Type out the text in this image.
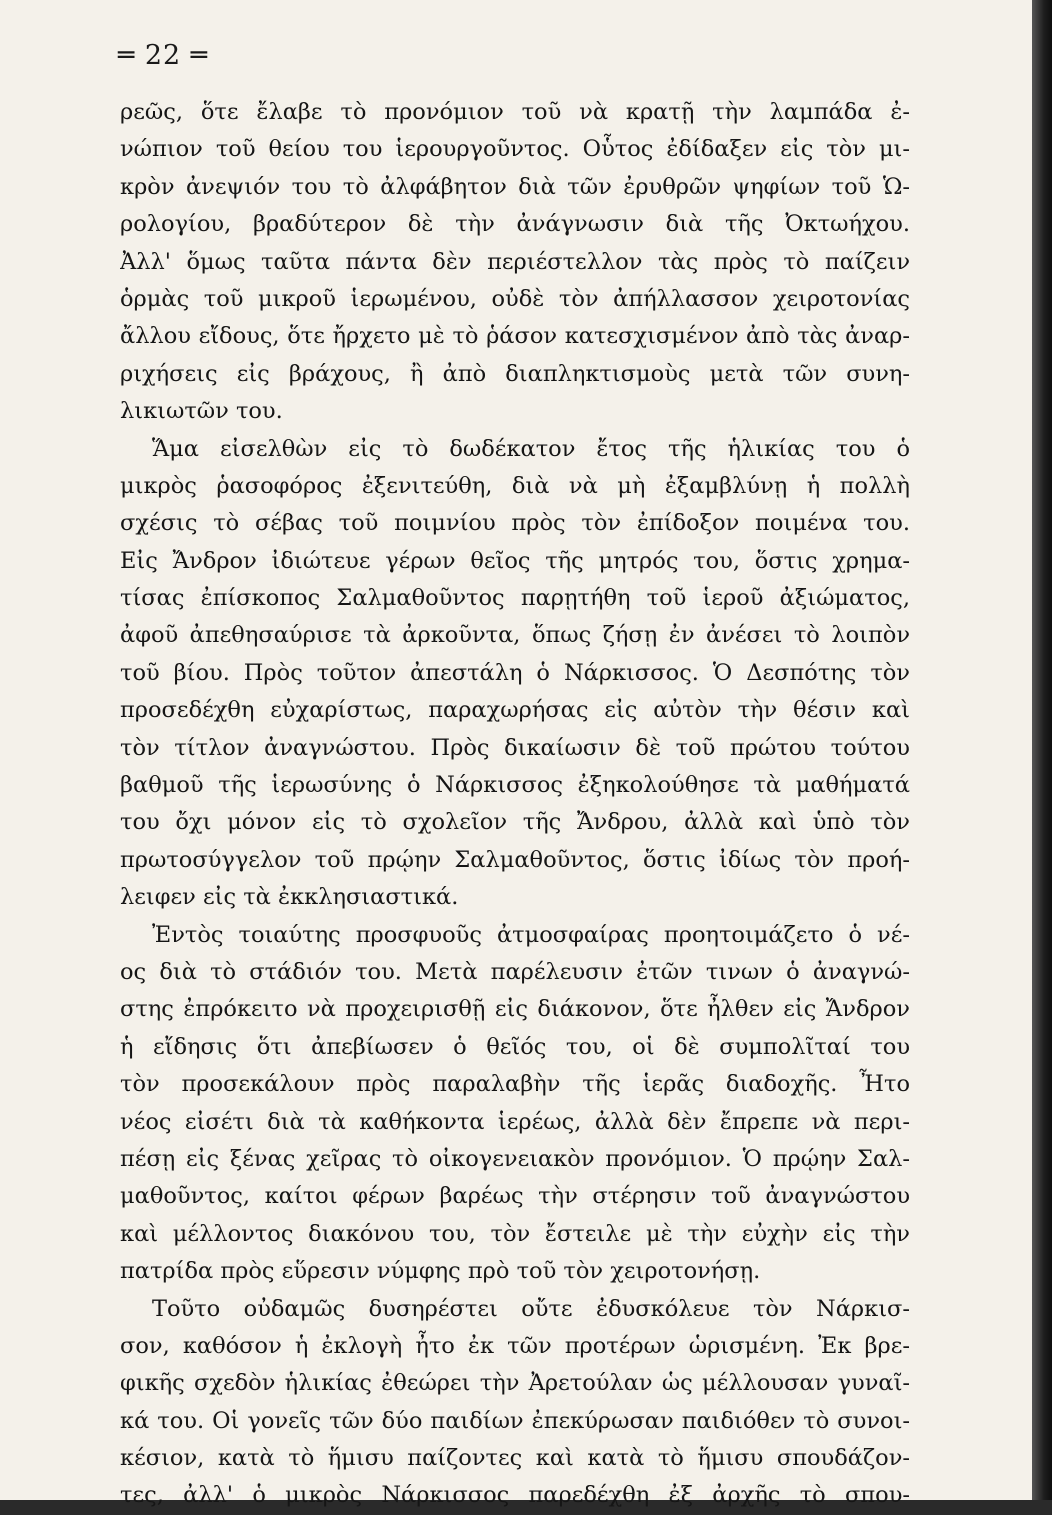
═ 22 ═

ρεῶς, ὅτε ἔλαβε τὸ προνόμιον τοῦ νὰ κρατῇ τὴν λαμπάδα ἐ-

νώπιον τοῦ θείου του ἱερουργοῦντος. Οὗτος ἐδίδαξεν εἰς τὸν μι-

κρὸν ἀνεψιόν του τὸ ἀλφάβητον διὰ τῶν ἐρυθρῶν ψηφίων τοῦ Ὡ-

ρολογίου, βραδύτερον δὲ τὴν ἀνάγνωσιν διὰ τῆς Ὀκτωήχου.

Ἀλλ' ὅμως ταῦτα πάντα δὲν περιέστελλον τὰς πρὸς τὸ παίζειν

ὁρμὰς τοῦ μικροῦ ἱερωμένου, οὐδὲ τὸν ἀπήλλασσον χειροτονίας

ἄλλου εἴδους, ὅτε ἤρχετο μὲ τὸ ῥάσον κατεσχισμένον ἀπὸ τὰς ἀναρ-

ριχήσεις εἰς βράχους, ἢ ἀπὸ διαπληκτισμοὺς μετὰ τῶν συνη-

λικιωτῶν του.

Ἅμα εἰσελθὼν εἰς τὸ δωδέκατον ἔτος τῆς ἡλικίας του ὁ

μικρὸς ῥασοφόρος ἐξενιτεύθη, διὰ νὰ μὴ ἐξαμβλύνῃ ἡ πολλὴ

σχέσις τὸ σέβας τοῦ ποιμνίου πρὸς τὸν ἐπίδοξον ποιμένα του.

Εἰς Ἄνδρον ἰδιώτευε γέρων θεῖος τῆς μητρός του, ὅστις χρημα-

τίσας ἐπίσκοπος Σαλμαθοῦντος παρῃτήθη τοῦ ἱεροῦ ἀξιώματος,

ἀφοῦ ἀπεθησαύρισε τὰ ἀρκοῦντα, ὅπως ζήσῃ ἐν ἀνέσει τὸ λοιπὸν

τοῦ βίου. Πρὸς τοῦτον ἀπεστάλη ὁ Νάρκισσος. Ὁ Δεσπότης τὸν

προσεδέχθη εὐχαρίστως, παραχωρήσας εἰς αὐτὸν τὴν θέσιν καὶ

τὸν τίτλον ἀναγνώστου. Πρὸς δικαίωσιν δὲ τοῦ πρώτου τούτου

βαθμοῦ τῆς ἱερωσύνης ὁ Νάρκισσος ἐξηκολούθησε τὰ μαθήματά

του ὄχι μόνον εἰς τὸ σχολεῖον τῆς Ἄνδρου, ἀλλὰ καὶ ὑπὸ τὸν

πρωτοσύγγελον τοῦ πρῴην Σαλμαθοῦντος, ὅστις ἰδίως τὸν προή-

λειφεν εἰς τὰ ἐκκλησιαστικά.

Ἐντὸς τοιαύτης προσφυοῦς ἀτμοσφαίρας προητοιμάζετο ὁ νέ-

ος διὰ τὸ στάδιόν του. Μετὰ παρέλευσιν ἐτῶν τινων ὁ ἀναγνώ-

στης ἐπρόκειτο νὰ προχειρισθῇ εἰς διάκονον, ὅτε ἦλθεν εἰς Ἄνδρον

ἡ εἴδησις ὅτι ἀπεβίωσεν ὁ θεῖός του, οἱ δὲ συμπολῖταί του

τὸν προσεκάλουν πρὸς παραλαβὴν τῆς ἱερᾶς διαδοχῆς. Ἦτο

νέος εἰσέτι διὰ τὰ καθήκοντα ἱερέως, ἀλλὰ δὲν ἔπρεπε νὰ περι-

πέσῃ εἰς ξένας χεῖρας τὸ οἰκογενειακὸν προνόμιον. Ὁ πρῴην Σαλ-

μαθοῦντος, καίτοι φέρων βαρέως τὴν στέρησιν τοῦ ἀναγνώστου

καὶ μέλλοντος διακόνου του, τὸν ἔστειλε μὲ τὴν εὐχὴν εἰς τὴν

πατρίδα πρὸς εὕρεσιν νύμφης πρὸ τοῦ τὸν χειροτονήσῃ.

Τοῦτο οὐδαμῶς δυσηρέστει οὔτε ἐδυσκόλευε τὸν Νάρκισ-

σον, καθόσον ἡ ἐκλογὴ ἦτο ἐκ τῶν προτέρων ὡρισμένη. Ἐκ βρε-

φικῆς σχεδὸν ἡλικίας ἐθεώρει τὴν Ἀρετούλαν ὡς μέλλουσαν γυναῖ-

κά του. Οἱ γονεῖς τῶν δύο παιδίων ἐπεκύρωσαν παιδιόθεν τὸ συνοι-

κέσιον, κατὰ τὸ ἥμισυ παίζοντες καὶ κατὰ τὸ ἥμισυ σπουδάζον-

τες, ἀλλ' ὁ μικρὸς Νάρκισσος παρεδέχθη ἐξ ἀρχῆς τὸ σπου-
